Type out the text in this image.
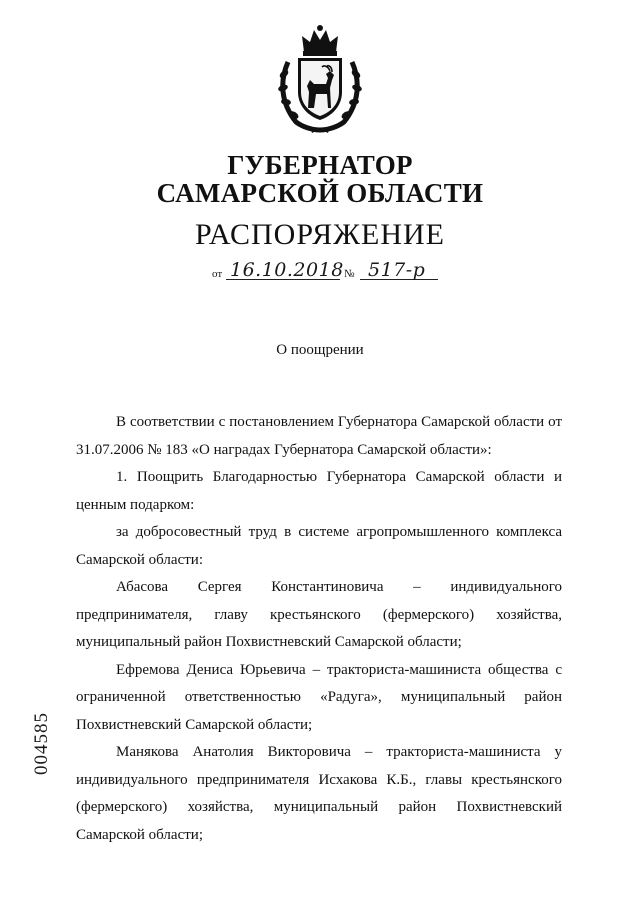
ГУБЕРНАТОР
САМАРСКОЙ ОБЛАСТИ
РАСПОРЯЖЕНИЕ
от 16.10.2018 № 517-р
О поощрении

В соответствии с постановлением Губернатора Самарской области от 31.07.2006 № 183 «О наградах Губернатора Самарской области»:

1. Поощрить Благодарностью Губернатора Самарской области и ценным подарком:

за добросовестный труд в системе агропромышленного комплекса Самарской области:

Абасова Сергея Константиновича – индивидуального предпринимателя, главу крестьянского (фермерского) хозяйства, муниципальный район Похвистневский Самарской области;

Ефремова Дениса Юрьевича – тракториста-машиниста общества с ограниченной ответственностью «Радуга», муниципальный район Похвистневский Самарской области;

Манякова Анатолия Викторовича – тракториста-машиниста у индивидуального предпринимателя Исхакова К.Б., главы крестьянского (фермерского) хозяйства, муниципальный район Похвистневский Самарской области;

004585
